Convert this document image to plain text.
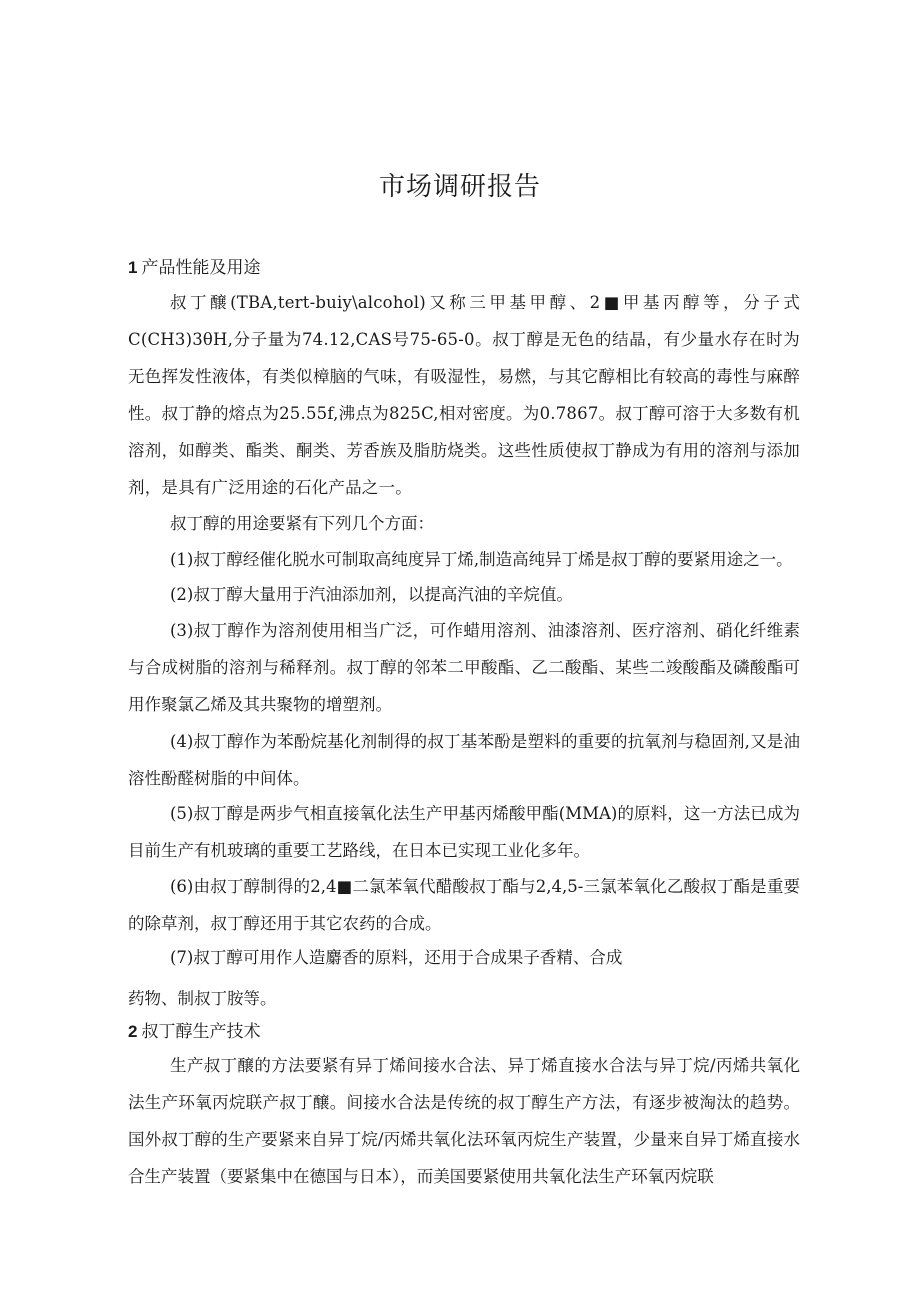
市场调研报告
1 产品性能及用途
叔丁醸(TBA,tert-buiy\alcohol)又称三甲基甲醇、2■甲基丙醇等，分子式C(CH3)3θH,分子量为74.12,CAS号75-65-0。叔丁醇是无色的结晶，有少量水存在时为无色挥发性液体，有类似樟脑的气味，有吸湿性，易燃，与其它醇相比有较高的毒性与麻醉性。叔丁静的熔点为25.55f,沸点为825C,相对密度。为0.7867。叔丁醇可溶于大多数有机溶剂，如醇类、酯类、酮类、芳香族及脂肪烧类。这些性质使叔丁静成为有用的溶剂与添加剂，是具有广泛用途的石化产品之一。
叔丁醇的用途要紧有下列几个方面：
(1)叔丁醇经催化脱水可制取高纯度异丁烯,制造高纯异丁烯是叔丁醇的要紧用途之一。
(2)叔丁醇大量用于汽油添加剂，以提高汽油的辛烷值。
(3)叔丁醇作为溶剂使用相当广泛，可作蜡用溶剂、油漆溶剂、医疗溶剂、硝化纤维素与合成树脂的溶剂与稀释剂。叔丁醇的邻苯二甲酸酯、乙二酸酯、某些二竣酸酯及磷酸酯可用作聚氯乙烯及其共聚物的增塑剂。
(4)叔丁醇作为苯酚烷基化剂制得的叔丁基苯酚是塑料的重要的抗氧剂与稳固剂,又是油溶性酚醛树脂的中间体。
(5)叔丁醇是两步气相直接氧化法生产甲基丙烯酸甲酯(MMA)的原料，这一方法已成为目前生产有机玻璃的重要工艺路线，在日本已实现工业化多年。
(6)由叔丁醇制得的2,4■二氯苯氧代醋酸叔丁酯与2,4,5-三氯苯氧化乙酸叔丁酯是重要的除草剂，叔丁醇还用于其它农药的合成。
(7)叔丁醇可用作人造麝香的原料，还用于合成果子香精、合成
药物、制叔丁胺等。
2 叔丁醇生产技术
生产叔丁醸的方法要紧有异丁烯间接水合法、异丁烯直接水合法与异丁烷/丙烯共氧化法生产环氧丙烷联产叔丁醸。间接水合法是传统的叔丁醇生产方法，有逐步被淘汰的趋势。国外叔丁醇的生产要紧来自异丁烷/丙烯共氧化法环氧丙烷生产装置，少量来自异丁烯直接水合生产装置（要紧集中在德国与日本），而美国要紧使用共氧化法生产环氧丙烷联
